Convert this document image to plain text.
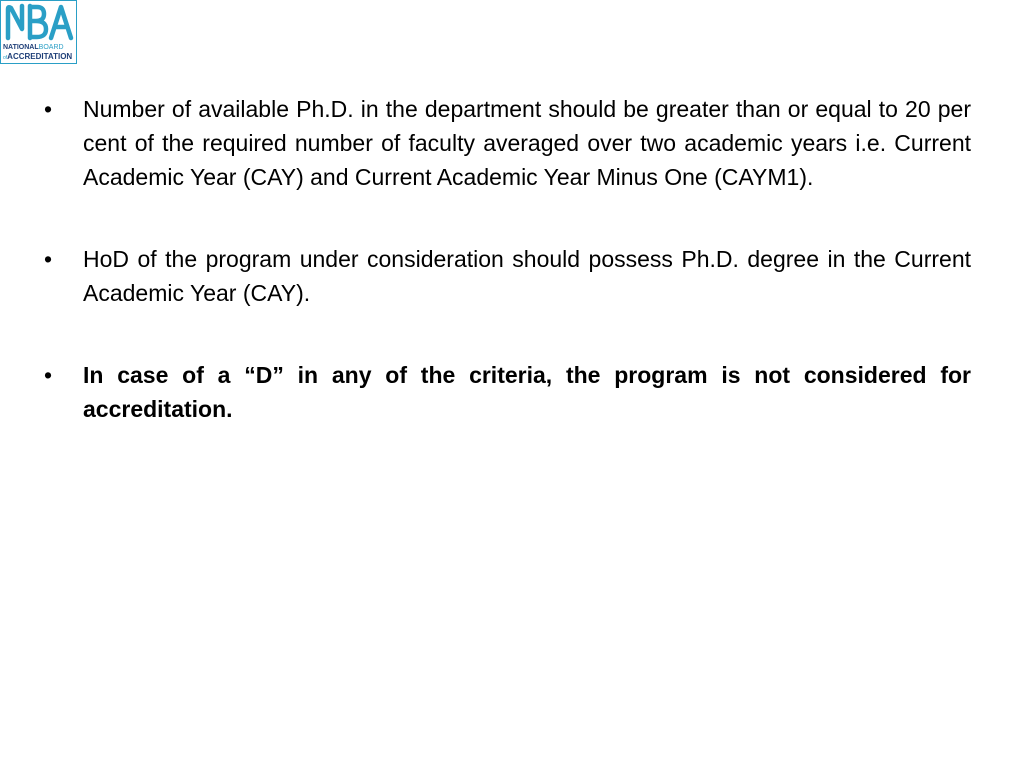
NATIONALBOARD
ofACCREDITATION
•	Number of available Ph.D. in the department should be greater than or equal to 20 per cent of the required number of faculty averaged over two academic years i.e. Current Academic Year (CAY) and Current Academic Year Minus One (CAYM1).
•	HoD of the program under consideration should possess Ph.D. degree in the Current Academic Year (CAY).
•	In case of a “D” in any of the criteria, the program is not considered for accreditation.
